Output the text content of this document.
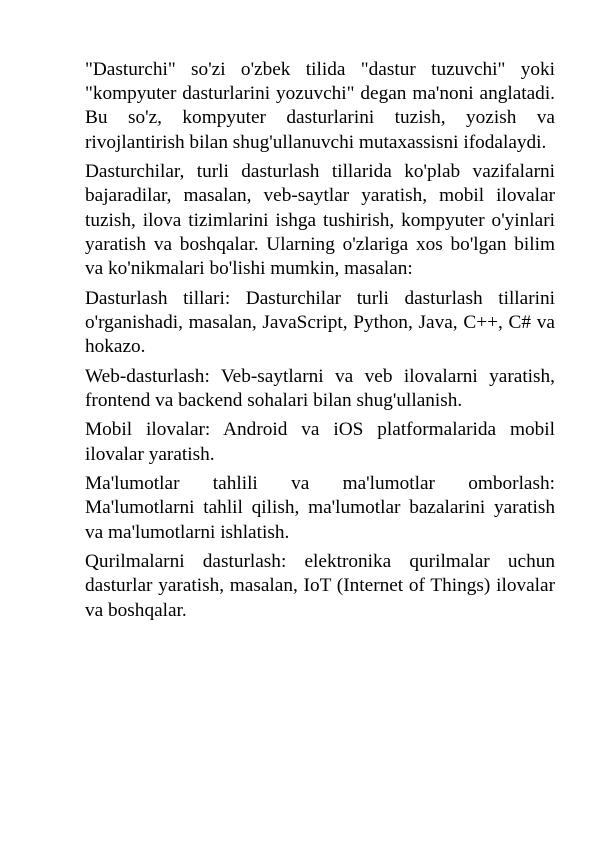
"Dasturchi" so'zi o'zbek tilida "dastur tuzuvchi" yoki "kompyuter dasturlarini yozuvchi" degan ma'noni anglatadi. Bu so'z, kompyuter dasturlarini tuzish, yozish va rivojlantirish bilan shug'ullanuvchi mutaxassisni ifodalaydi.

Dasturchilar, turli dasturlash tillarida ko'plab vazifalarni bajaradilar, masalan, veb-saytlar yaratish, mobil ilovalar tuzish, ilova tizimlarini ishga tushirish, kompyuter o'yinlari yaratish va boshqalar. Ularning o'zlariga xos bo'lgan bilim va ko'nikmalari bo'lishi mumkin, masalan:

Dasturlash tillari: Dasturchilar turli dasturlash tillarini o'rganishadi, masalan, JavaScript, Python, Java, C++, C# va hokazo.

Web-dasturlash: Veb-saytlarni va veb ilovalarni yaratish, frontend va backend sohalari bilan shug'ullanish.

Mobil ilovalar: Android va iOS platformalarida mobil ilovalar yaratish.

Ma'lumotlar tahlili va ma'lumotlar omborlash: Ma'lumotlarni tahlil qilish, ma'lumotlar bazalarini yaratish va ma'lumotlarni ishlatish.

Qurilmalarni dasturlash: elektronika qurilmalar uchun dasturlar yaratish, masalan, IoT (Internet of Things) ilovalar va boshqalar.
